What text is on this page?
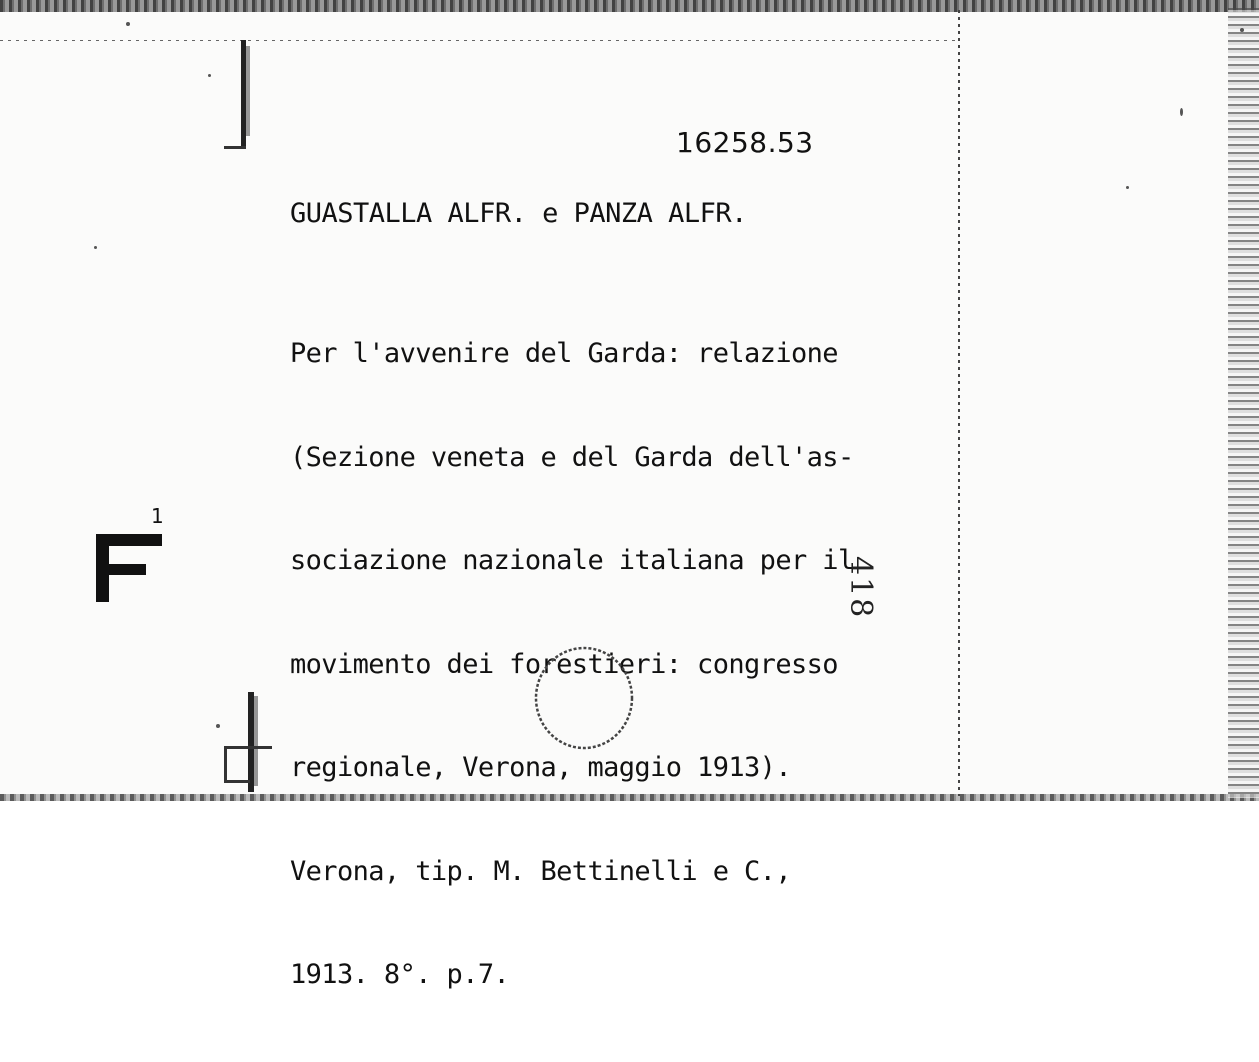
16258.53
GUASTALLA ALFR. e PANZA ALFR.

Per l'avvenire del Garda: relazione

(Sezione veneta e del Garda dell'as-

sociazione nazionale italiana per il

movimento dei forestieri: congresso

regionale, Verona, maggio 1913).

Verona, tip. M. Bettinelli e C.,

1913. 8°. p.7.

1
418
